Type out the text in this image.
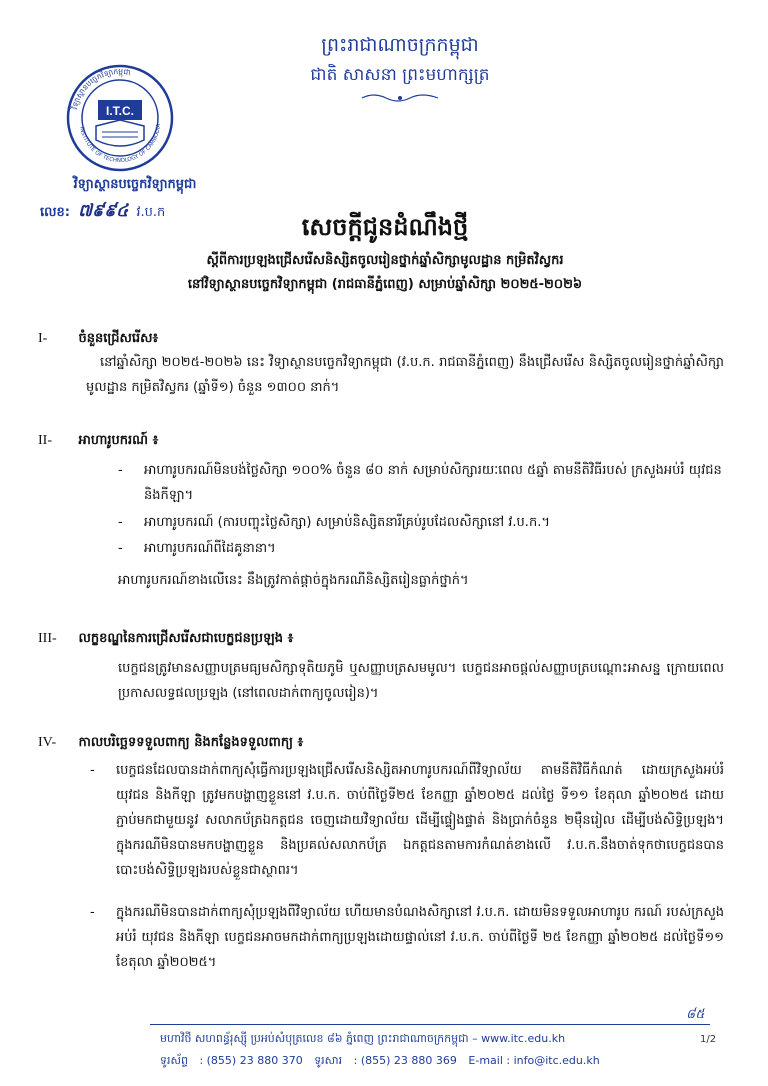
ព្រះរាជាណាចក្រកម្ពុជា
ជាតិ សាសនា ព្រះមហាក្សត្រ
វិទ្យាស្ថានបច្ចេកវិទ្យាកម្ពុជា
INSTITUTE OF TECHNOLOGY OF CAMBODIA
I.T.C.
វិទ្យាស្ថានបច្ចេកវិទ្យាកម្ពុជា
លេខ: ៧៩៩៤ វ.ប.ក
សេចក្តីជូនដំណឹងថ្មី
ស្តីពីការប្រឡងជ្រើសរើសនិស្សិតចូលរៀនថ្នាក់ឆ្នាំសិក្សាមូលដ្ឋាន កម្រិតវិស្វករ
នៅវិទ្យាស្ថានបច្ចេកវិទ្យាកម្ពុជា (រាជធានីភ្នំពេញ) សម្រាប់ឆ្នាំសិក្សា ២០២៥-២០២៦
I- ចំនួនជ្រើសរើស៖
នៅឆ្នាំសិក្សា ២០២៥-២០២៦ នេះ វិទ្យាស្ថានបច្ចេកវិទ្យាកម្ពុជា (វ.ប.ក. រាជធានីភ្នំពេញ) នឹងជ្រើសរើស និស្សិតចូលរៀនថ្នាក់ឆ្នាំសិក្សាមូលដ្ឋាន កម្រិតវិស្វករ (ឆ្នាំទី១) ចំនួន ១៣០០ នាក់។
II- អាហារូបករណ៍ ៖
- អាហារូបករណ៍មិនបង់ថ្លៃសិក្សា ១០០% ចំនួន ៨០ នាក់ សម្រាប់សិក្សារយៈពេល ៥ឆ្នាំ តាមនីតិវិធីរបស់ ក្រសួងអប់រំ យុវជន និងកីឡា។
- អាហារូបករណ៍ (ការបញ្ចុះថ្លៃសិក្សា) សម្រាប់និស្សិតនារីគ្រប់រូបដែលសិក្សានៅ វ.ប.ក.។
- អាហារូបករណ៍ពីដៃគូនានា។
អាហារូបករណ៍ខាងលើនេះ នឹងត្រូវកាត់ផ្តាច់ក្នុងករណីនិស្សិតរៀនធ្លាក់ថ្នាក់។
III- លក្ខខណ្ឌនៃការជ្រើសរើសជាបេក្ខជនប្រឡង ៖
បេក្ខជនត្រូវមានសញ្ញាបត្រមធ្យមសិក្សាទុតិយភូមិ ឬសញ្ញាបត្រសមមូល។ បេក្ខជនអាចផ្តល់សញ្ញាបត្របណ្តោះអាសន្ន ក្រោយពេលប្រកាសលទ្ធផលប្រឡង (នៅពេលដាក់ពាក្យចូលរៀន)។
IV- កាលបរិច្ឆេទទទួលពាក្យ និងកន្លែងទទួលពាក្យ ៖
- បេក្ខជនដែលបានដាក់ពាក្យសុំធ្វើការប្រឡងជ្រើសរើសនិស្សិតអាហារូបករណ៍ពីវិទ្យាល័យ តាមនីតិវិធីកំណត់ ដោយក្រសួងអប់រំ យុវជន និងកីឡា ត្រូវមកបង្ហាញខ្លួននៅ វ.ប.ក. ចាប់ពីថ្ងៃទី២៥ ខែកញ្ញា ឆ្នាំ២០២៥ ដល់ថ្ងៃ ទី១១ ខែតុលា ឆ្នាំ២០២៥ ដោយភ្ជាប់មកជាមួយនូវ សលាកប័ត្រឯកត្តជន ចេញដោយវិទ្យាល័យ ដើម្បីផ្ទៀងផ្ទាត់ និងប្រាក់ចំនួន ២ម៉ឺនរៀល ដើម្បីបង់សិទ្ធិប្រឡង។ ក្នុងករណីមិនបានមកបង្ហាញខ្លួន និងប្រគល់សលាកប័ត្រ ឯកត្តជនតាមការកំណត់ខាងលើ វ.ប.ក.នឹងចាត់ទុកថាបេក្ខជនបានបោះបង់សិទ្ធិប្រឡងរបស់ខ្លួនជាស្ថាពរ។
- ក្នុងករណីមិនបានដាក់ពាក្យសុំប្រឡងពីវិទ្យាល័យ ហើយមានបំណងសិក្សានៅ វ.ប.ក. ដោយមិនទទួលអាហារូប ករណ៍ របស់ក្រសួងអប់រំ យុវជន និងកីឡា បេក្ខជនអាចមកដាក់ពាក្យប្រឡងដោយផ្ទាល់នៅ វ.ប.ក. ចាប់ពីថ្ងៃទី ២៥ ខែកញ្ញា ឆ្នាំ២០២៥ ដល់ថ្ងៃទី១១ ខែតុលា ឆ្នាំ២០២៥។
៨៥
មហាវិថី សហពន្ធ័រុស្ស៊ី ប្រអប់សំបុត្រលេខ ៨៦ ភ្នំពេញ ព្រះរាជាណាចក្រកម្ពុជា – www.itc.edu.kh
ទូរស័ព្ទ : (855) 23 880 370 ទូរសារ : (855) 23 880 369 E-mail : info@itc.edu.kh
1/2
